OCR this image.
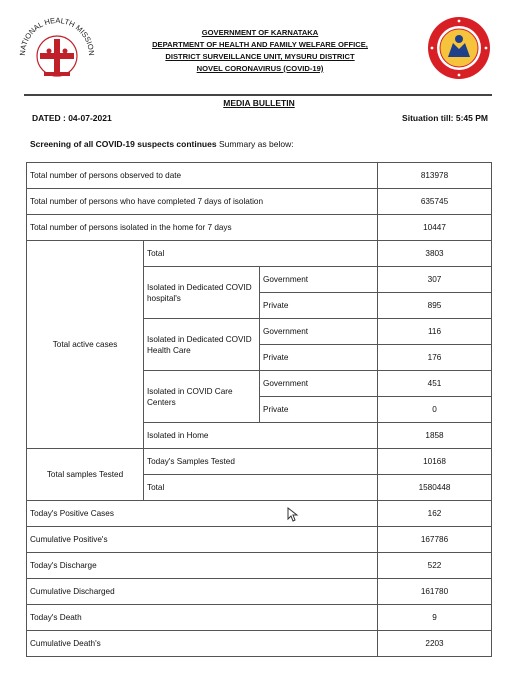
NATIONAL HEALTH MISSION
GOVERNMENT OF KARNATAKA
DEPARTMENT OF HEALTH AND FAMILY WELFARE OFFICE,
DISTRICT SURVEILLANCE UNIT, MYSURU DISTRICT
NOVEL CORONAVIRUS (COVID-19)
MEDIA BULLETIN
DATED : 04-07-2021	Situation till: 5:45 PM
Screening of all COVID-19 suspects continues Summary as below:
Total number of persons observed to date			813978
Total number of persons who have completed 7 days of isolation			635745
Total number of persons isolated in the home for 7 days			10447
Total active cases	Total		3803
	Isolated in Dedicated COVID hospital's	Government	307
		Private	895
	Isolated in Dedicated COVID Health Care	Government	116
		Private	176
	Isolated in COVID Care Centers	Government	451
		Private	0
	Isolated in Home		1858
Total samples Tested	Today's Samples Tested		10168
	Total		1580448
Today's Positive Cases			162
Cumulative Positive's			167786
Today's Discharge			522
Cumulative Discharged			161780
Today's Death			9
Cumulative Death's			2203
